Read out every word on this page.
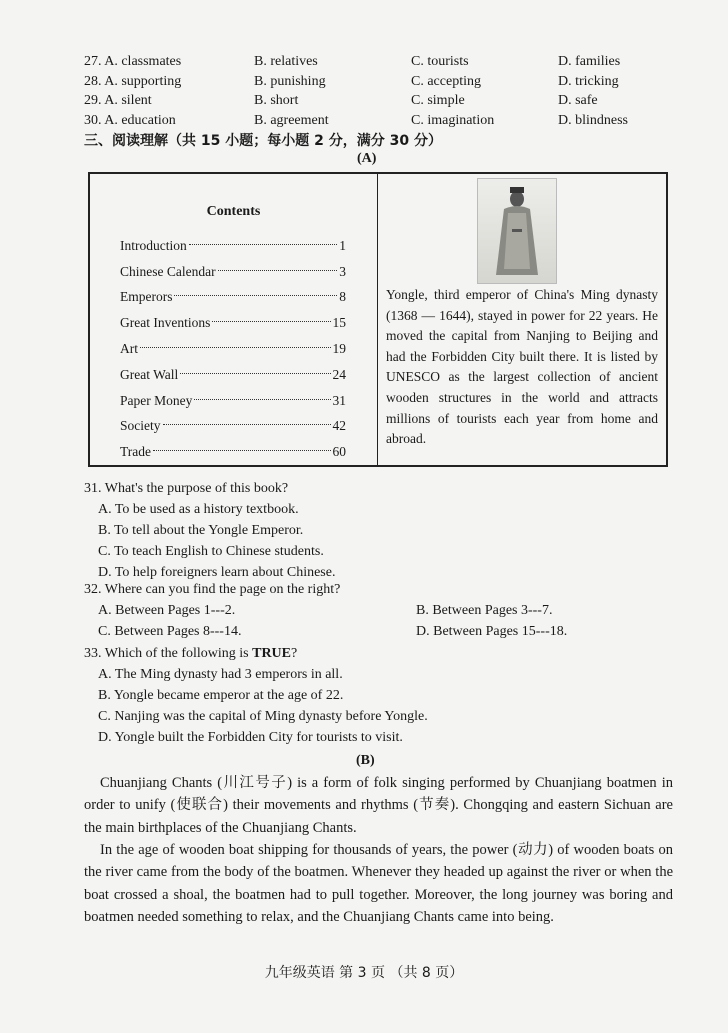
27. A. classmates	B. relatives	C. tourists	D. families
28. A. supporting	B. punishing	C. accepting	D. tricking
29. A. silent	B. short	C. simple	D. safe
30. A. education	B. agreement	C. imagination	D. blindness
三、阅读理解（共 15 小题；每小题 2 分，满分 30 分）
(A)
Contents
Introduction	1
Chinese Calendar	3
Emperors	8
Great Inventions	15
Art	19
Great Wall	24
Paper Money	31
Society	42
Trade	60
Yongle, third emperor of China's Ming dynasty (1368 — 1644), stayed in power for 22 years. He moved the capital from Nanjing to Beijing and had the Forbidden City built there. It is listed by UNESCO as the largest collection of ancient wooden structures in the world and attracts millions of tourists each year from home and abroad.
31. What's the purpose of this book?
A. To be used as a history textbook.
B. To tell about the Yongle Emperor.
C. To teach English to Chinese students.
D. To help foreigners learn about Chinese.
32. Where can you find the page on the right?
A. Between Pages 1---2.	B. Between Pages 3---7.
C. Between Pages 8---14.	D. Between Pages 15---18.
33. Which of the following is TRUE?
A. The Ming dynasty had 3 emperors in all.
B. Yongle became emperor at the age of 22.
C. Nanjing was the capital of Ming dynasty before Yongle.
D. Yongle built the Forbidden City for tourists to visit.
(B)
Chuanjiang Chants (川江号子) is a form of folk singing performed by Chuanjiang boatmen in order to unify (使联合) their movements and rhythms (节奏). Chongqing and eastern Sichuan are the main birthplaces of the Chuanjiang Chants.
In the age of wooden boat shipping for thousands of years, the power (动力) of wooden boats on the river came from the body of the boatmen. Whenever they headed up against the river or when the boat crossed a shoal, the boatmen had to pull together. Moreover, the long journey was boring and boatmen needed something to relax, and the Chuanjiang Chants came into being.
九年级英语 第 3 页 （共 8 页）
